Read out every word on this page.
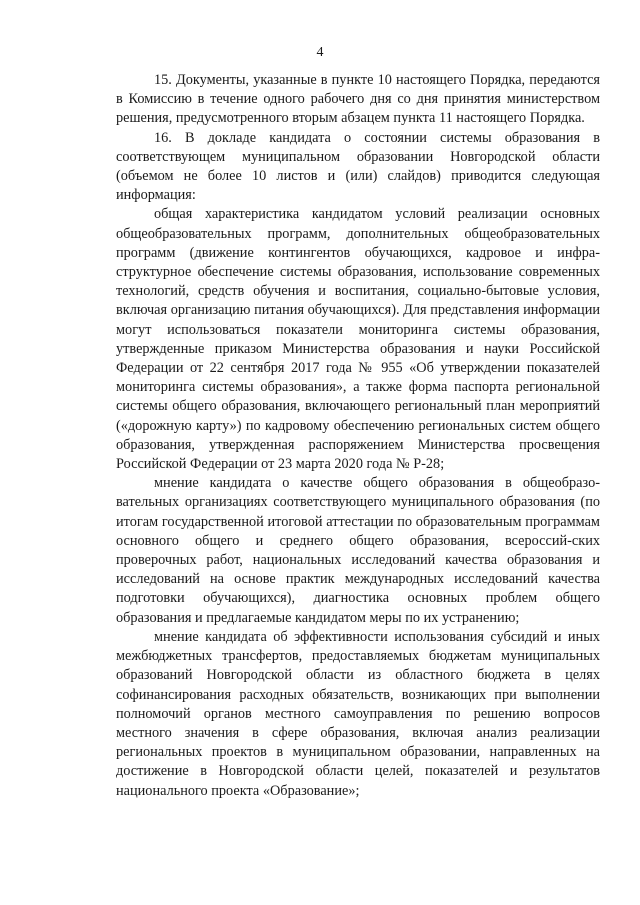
4

15. Документы, указанные в пункте 10 настоящего Порядка, передаются в Комиссию в течение одного рабочего дня со дня принятия министерством решения, предусмотренного вторым абзацем пункта 11 настоящего Порядка.

16. В докладе кандидата о состоянии системы образования в соответствующем муниципальном образовании Новгородской области (объемом не более 10 листов и (или) слайдов) приводится следующая информация:

общая характеристика кандидатом условий реализации основных общеобразовательных программ, дополнительных общеобразовательных программ (движение контингентов обучающихся, кадровое и инфра-структурное обеспечение системы образования, использование современных технологий, средств обучения и воспитания, социально-бытовые условия, включая организацию питания обучающихся). Для представления информации могут использоваться показатели мониторинга системы образования, утвержденные приказом Министерства образования и науки Российской Федерации от 22 сентября 2017 года № 955 «Об утверждении показателей мониторинга системы образования», а также форма паспорта региональной системы общего образования, включающего региональный план мероприятий («дорожную карту») по кадровому обеспечению региональных систем общего образования, утвержденная распоряжением Министерства просвещения Российской Федерации от 23 марта 2020 года № Р-28;

мнение кандидата о качестве общего образования в общеобразо-вательных организациях соответствующего муниципального образования (по итогам государственной итоговой аттестации по образовательным программам основного общего и среднего общего образования, всероссий-ских проверочных работ, национальных исследований качества образования и исследований на основе практик международных исследований качества подготовки обучающихся), диагностика основных проблем общего образования и предлагаемые кандидатом меры по их устранению;

мнение кандидата об эффективности использования субсидий и иных межбюджетных трансфертов, предоставляемых бюджетам муниципальных образований Новгородской области из областного бюджета в целях софинансирования расходных обязательств, возникающих при выполнении полномочий органов местного самоуправления по решению вопросов местного значения в сфере образования, включая анализ реализации региональных проектов в муниципальном образовании, направленных на достижение в Новгородской области целей, показателей и результатов национального проекта «Образование»;
